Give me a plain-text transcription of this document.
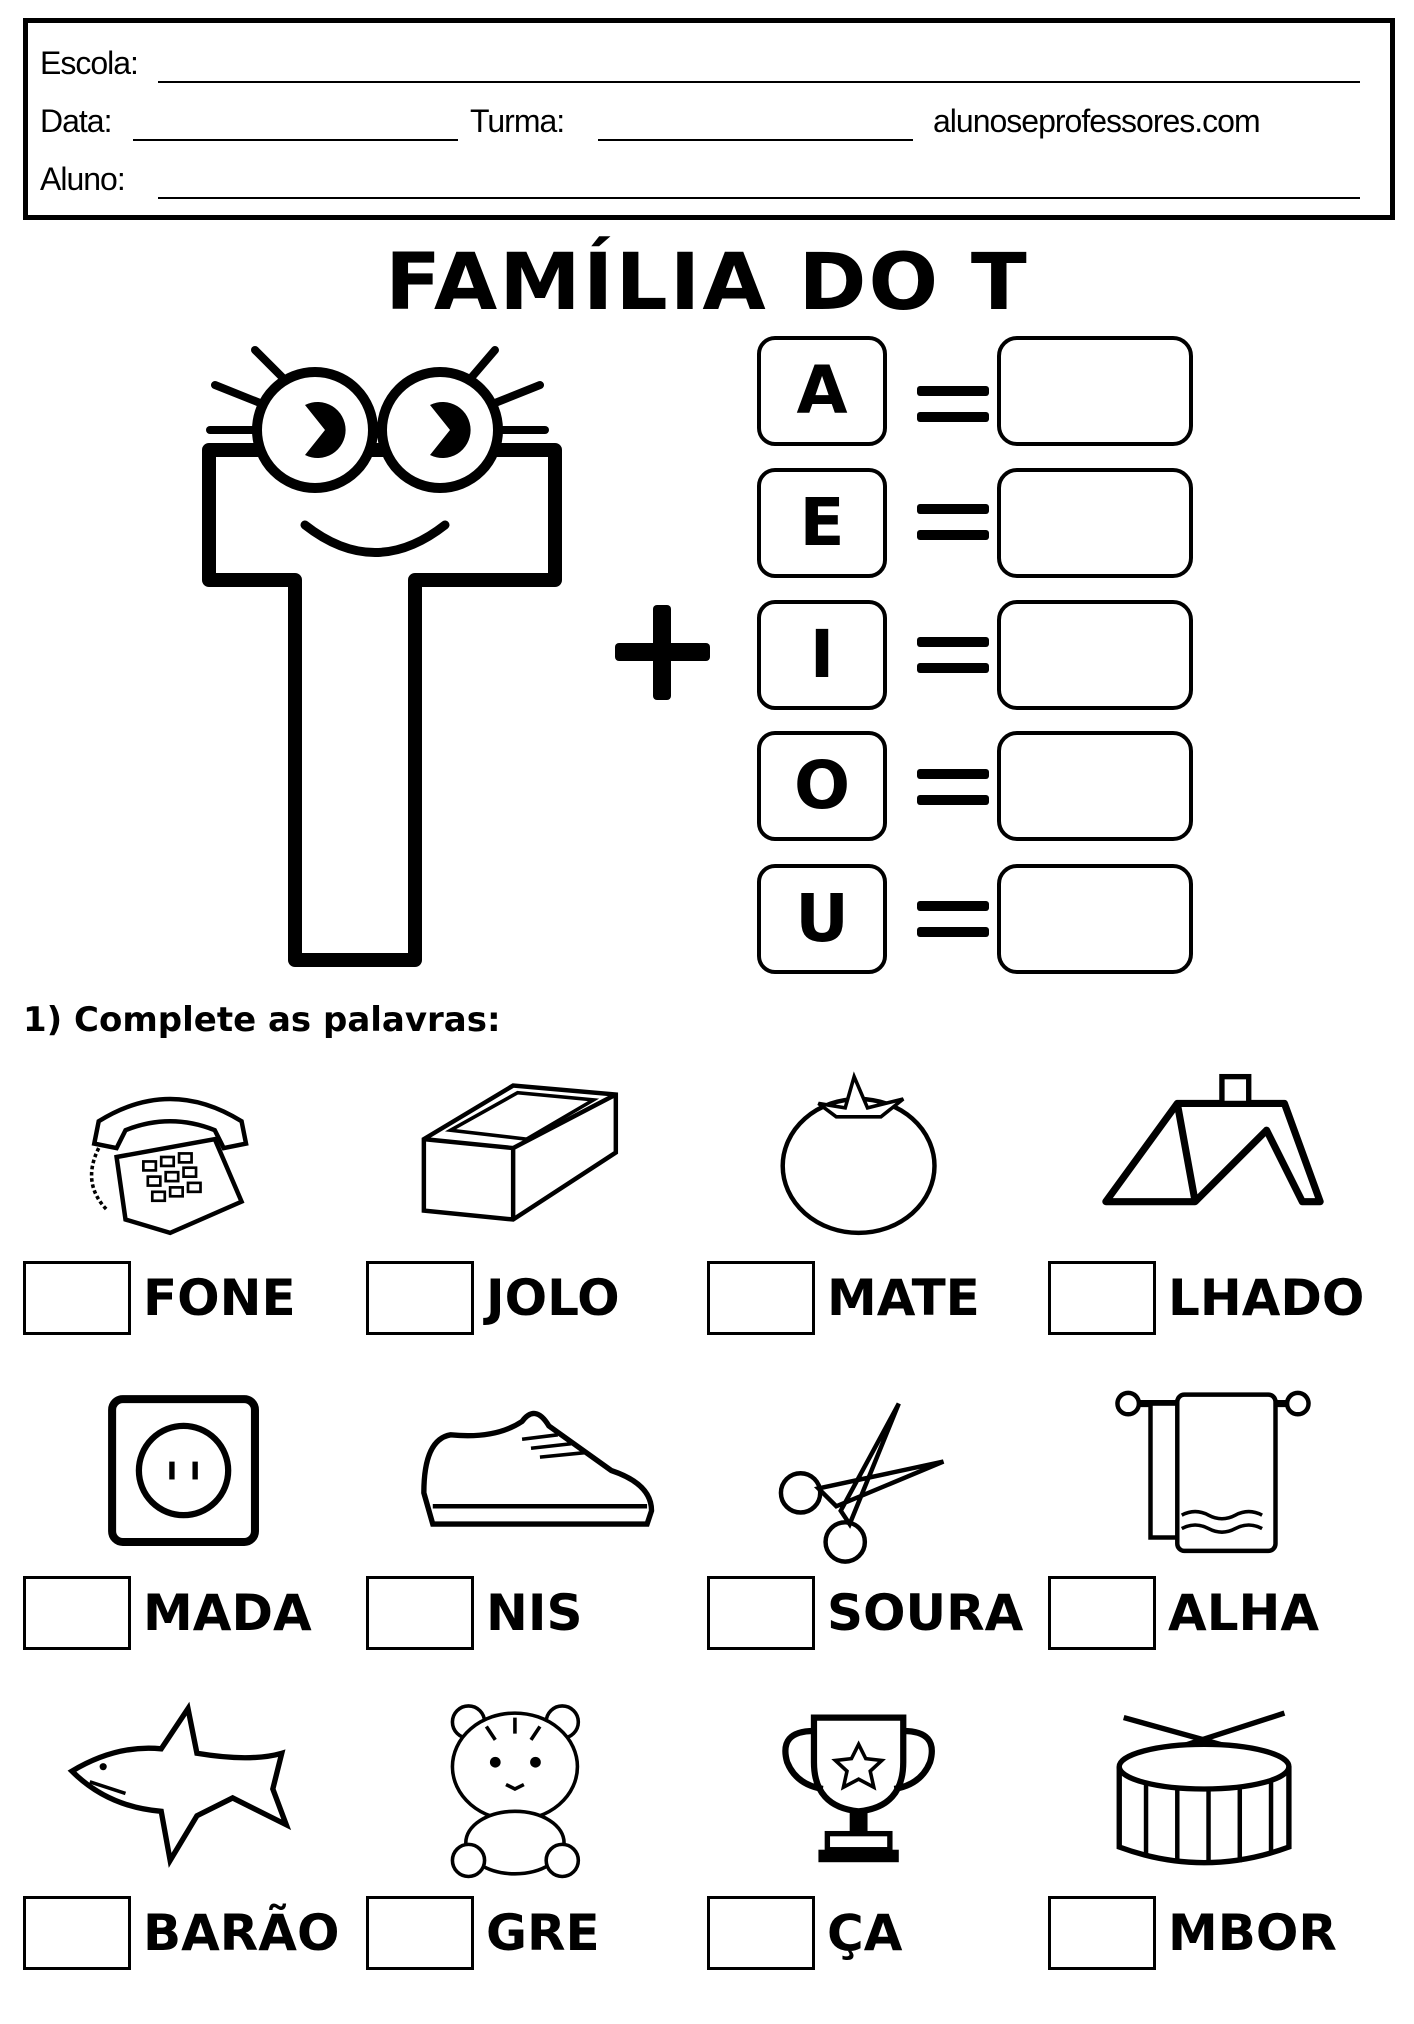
Escola:
Data:	Turma:	alunoseprofessores.com
Aluno:
FAMÍLIA DO T
A
E
I
O
U
1) Complete as palavras:
FONE	JOLO	MATE	LHADO
MADA	NIS	SOURA	ALHA
BARÃO	GRE	ÇA	MBOR
